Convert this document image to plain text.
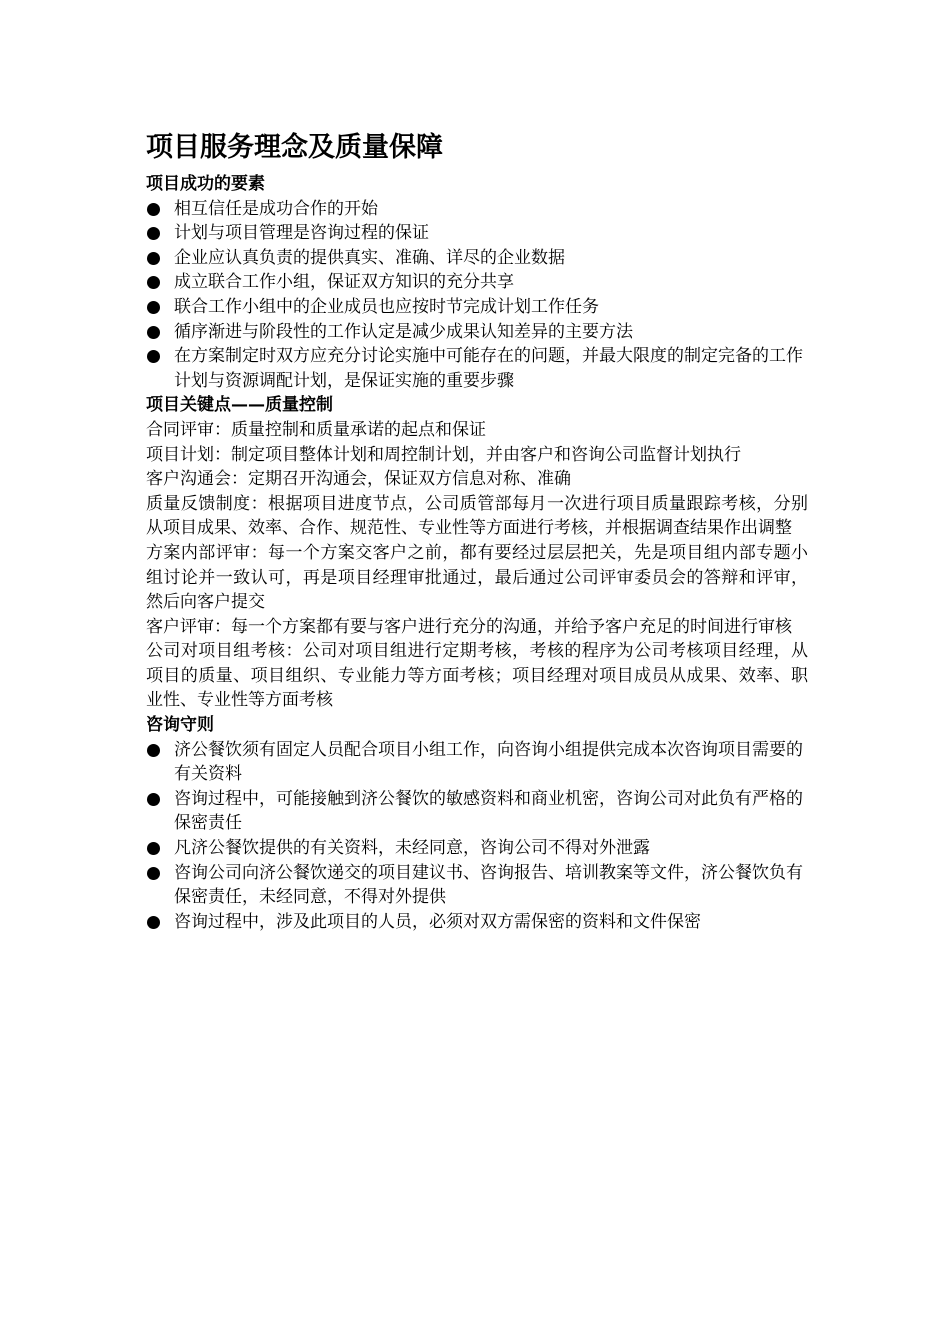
项目服务理念及质量保障
项目成功的要素
相互信任是成功合作的开始
计划与项目管理是咨询过程的保证
企业应认真负责的提供真实、准确、详尽的企业数据
成立联合工作小组，保证双方知识的充分共享
联合工作小组中的企业成员也应按时节完成计划工作任务
循序渐进与阶段性的工作认定是减少成果认知差异的主要方法
在方案制定时双方应充分讨论实施中可能存在的问题，并最大限度的制定完备的工作计划与资源调配计划，是保证实施的重要步骤
项目关键点——质量控制

合同评审：质量控制和质量承诺的起点和保证

项目计划：制定项目整体计划和周控制计划，并由客户和咨询公司监督计划执行

客户沟通会：定期召开沟通会，保证双方信息对称、准确

质量反馈制度：根据项目进度节点，公司质管部每月一次进行项目质量跟踪考核，分别从项目成果、效率、合作、规范性、专业性等方面进行考核，并根据调查结果作出调整

方案内部评审：每一个方案交客户之前，都有要经过层层把关，先是项目组内部专题小组讨论并一致认可，再是项目经理审批通过，最后通过公司评审委员会的答辩和评审，然后向客户提交

客户评审：每一个方案都有要与客户进行充分的沟通，并给予客户充足的时间进行审核

公司对项目组考核：公司对项目组进行定期考核，考核的程序为公司考核项目经理，从项目的质量、项目组织、专业能力等方面考核；项目经理对项目成员从成果、效率、职业性、专业性等方面考核

咨询守则
济公餐饮须有固定人员配合项目小组工作，向咨询小组提供完成本次咨询项目需要的有关资料
咨询过程中，可能接触到济公餐饮的敏感资料和商业机密，咨询公司对此负有严格的保密责任
凡济公餐饮提供的有关资料，未经同意，咨询公司不得对外泄露
咨询公司向济公餐饮递交的项目建议书、咨询报告、培训教案等文件，济公餐饮负有保密责任，未经同意，不得对外提供
咨询过程中，涉及此项目的人员，必须对双方需保密的资料和文件保密
